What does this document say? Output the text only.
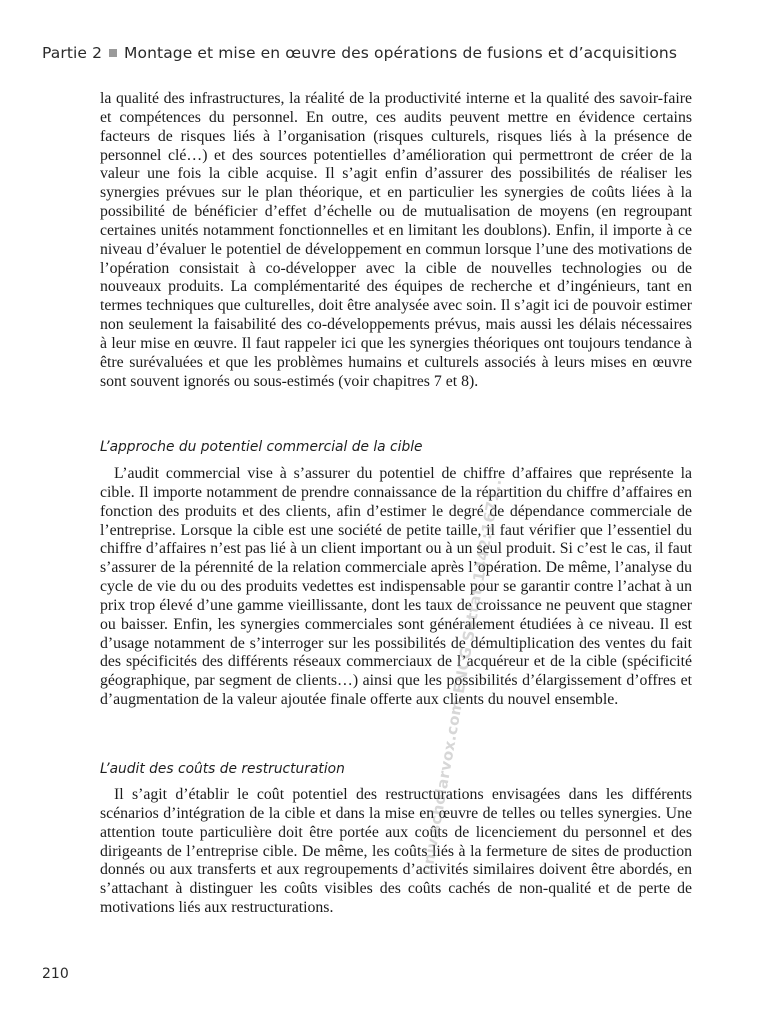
Partie 2 Montage et mise en œuvre des opérations de fusions et d’acquisitions

la qualité des infrastructures, la réalité de la productivité interne et la qualité des savoir-faire et compétences du personnel. En outre, ces audits peuvent mettre en évidence certains facteurs de risques liés à l’organisation (risques culturels, risques liés à la présence de personnel clé…) et des sources potentielles d’amélioration qui permettront de créer de la valeur une fois la cible acquise. Il s’agit enfin d’assurer des possibilités de réaliser les synergies prévues sur le plan théorique, et en particulier les synergies de coûts liées à la possibilité de bénéficier d’effet d’échelle ou de mutualisation de moyens (en regroupant certaines unités notamment fonctionnelles et en limitant les doublons). Enfin, il importe à ce niveau d’évaluer le potentiel de développement en commun lorsque l’une des motivations de l’opération consistait à co-développer avec la cible de nouvelles technologies ou de nouveaux produits. La complémentarité des équipes de recherche et d’ingénieurs, tant en termes techniques que culturelles, doit être analysée avec soin. Il s’agit ici de pouvoir estimer non seulement la faisabilité des co-développements prévus, mais aussi les délais nécessaires à leur mise en œuvre. Il faut rappeler ici que les synergies théoriques ont toujours tendance à être surévaluées et que les problèmes humains et culturels associés à leurs mises en œuvre sont souvent ignorés ou sous-estimés (voir chapitres 7 et 8).

L’approche du potentiel commercial de la cible

L’audit commercial vise à s’assurer du potentiel de chiffre d’affaires que représente la cible. Il importe notamment de prendre connaissance de la répartition du chiffre d’affaires en fonction des produits et des clients, afin d’estimer le degré de dépendance commerciale de l’entreprise. Lorsque la cible est une société de petite taille, il faut vérifier que l’essentiel du chiffre d’affaires n’est pas lié à un client important ou à un seul produit. Si c’est le cas, il faut s’assurer de la pérennité de la relation commerciale après l’opération. De même, l’analyse du cycle de vie du ou des produits vedettes est indispensable pour se garantir contre l’achat à un prix trop élevé d’une gamme vieillissante, dont les taux de croissance ne peuvent que stagner ou baisser. Enfin, les synergies commerciales sont généralement étudiées à ce niveau. Il est d’usage notamment de s’interroger sur les possibilités de démultiplication des ventes du fait des spécificités des différents réseaux commerciaux de l’acquéreur et de la cible (spécificité géographique, par segment de clients…) ainsi que les possibilités d’élargissement d’offres et d’augmentation de la valeur ajoutée finale offerte aux clients du nouvel ensemble.

L’audit des coûts de restructuration

Il s’agit d’établir le coût potentiel des restructurations envisagées dans les différents scénarios d’intégration de la cible et dans la mise en œuvre de telles ou telles synergies. Une attention toute particulière doit être portée aux coûts de licenciement du personnel et des dirigeants de l’entreprise cible. De même, les coûts liés à la fermeture de sites de production donnés ou aux transferts et aux regroupements d’activités similaires doivent être abordés, en s’attachant à distinguer les coûts visibles des coûts cachés de non-qualité et de perte de motivations liés aux restructurations.

210
univ.scholarvox.com:ENCG Settat:1442:1671...
